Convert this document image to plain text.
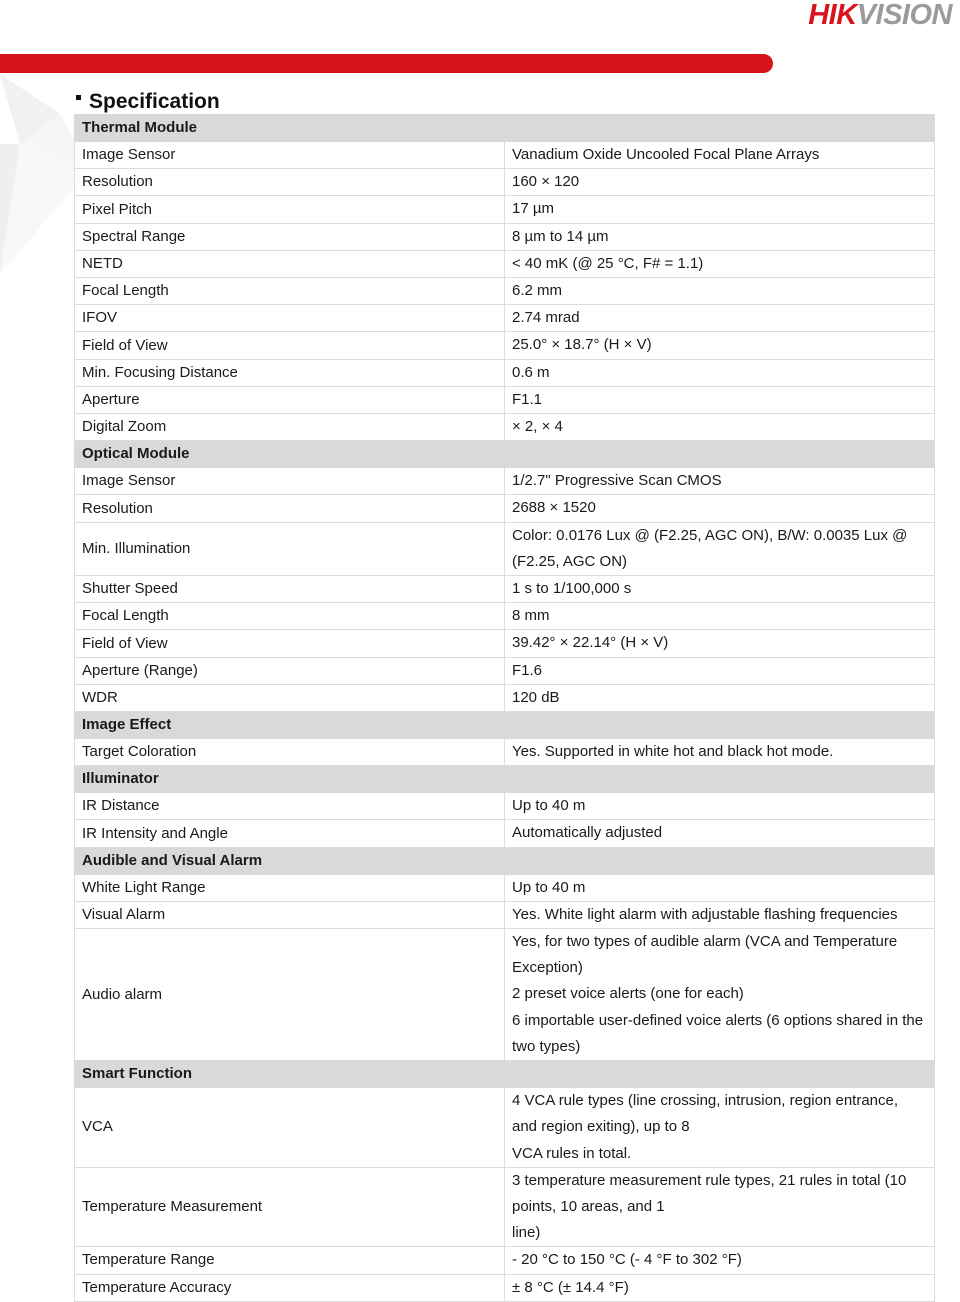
HIKVISION
Specification
Thermal Module	
Image Sensor	Vanadium Oxide Uncooled Focal Plane Arrays

Resolution	160 × 120

Pixel Pitch	17 µm

Spectral Range	8 µm to 14 µm

NETD	< 40 mK (@ 25 °C, F# = 1.1)

Focal Length	6.2 mm

IFOV	2.74 mrad

Field of View	25.0° × 18.7° (H × V)

Min. Focusing Distance	0.6 m

Aperture	F1.1

Digital Zoom	× 2, × 4

Optical Module	
Image Sensor	1/2.7" Progressive Scan CMOS

Resolution	2688 × 1520

Min. Illumination	Color: 0.0176 Lux @ (F2.25, AGC ON), B/W: 0.0035 Lux @ (F2.25, AGC ON)

Shutter Speed	1 s to 1/100,000 s

Focal Length	8 mm

Field of View	39.42° × 22.14° (H × V)

Aperture (Range)	F1.6

WDR	120 dB

Image Effect	
Target Coloration	Yes. Supported in white hot and black hot mode.

Illuminator	
IR Distance	Up to 40 m

IR Intensity and Angle	Automatically adjusted

Audible and Visual Alarm	
White Light Range	Up to 40 m

Visual Alarm	Yes. White light alarm with adjustable flashing frequencies

Audio alarm	Yes, for two types of audible alarm (VCA and Temperature Exception)
2 preset voice alerts (one for each)
6 importable user-defined voice alerts (6 options shared in the two types)

Smart Function	
VCA	4 VCA rule types (line crossing, intrusion, region entrance, and region exiting), up to 8
VCA rules in total.

Temperature Measurement	3 temperature measurement rule types, 21 rules in total (10 points, 10 areas, and 1
line)

Temperature Range	- 20 °C to 150 °C (- 4 °F to 302 °F)

Temperature Accuracy	± 8 °C (± 14.4 °F)
